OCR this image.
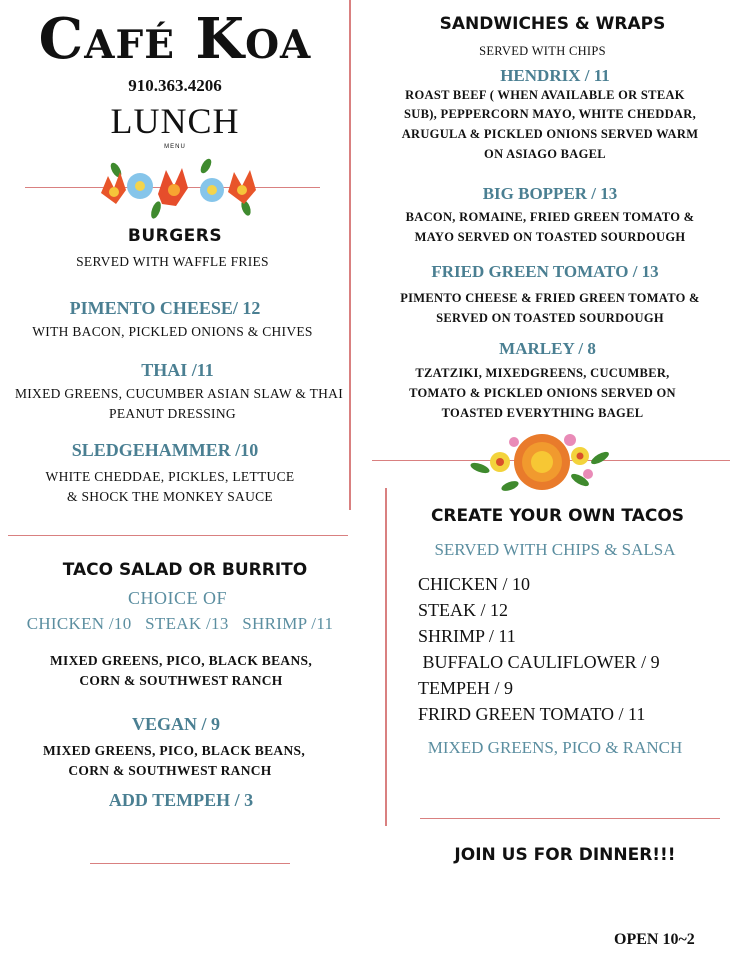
Café Koa
910.363.4206
LUNCH
MENU
BURGERS
SERVED WITH WAFFLE FRIES
PIMENTO CHEESE/ 12
WITH BACON, PICKLED ONIONS & CHIVES
THAI /11
MIXED GREENS, CUCUMBER ASIAN SLAW & THAI
PEANUT DRESSING
SLEDGEHAMMER /10
WHITE CHEDDAE, PICKLES, LETTUCE
& SHOCK THE MONKEY SAUCE
TACO SALAD OR BURRITO
CHOICE OF
CHICKEN /10   STEAK /13   SHRIMP /11
MIXED GREENS, PICO, BLACK BEANS,
CORN & SOUTHWEST RANCH
VEGAN / 9
MIXED GREENS, PICO, BLACK BEANS,
CORN & SOUTHWEST RANCH
ADD TEMPEH / 3
SANDWICHES & WRAPS
SERVED WITH CHIPS
HENDRIX / 11
ROAST BEEF ( WHEN AVAILABLE OR STEAK
SUB), PEPPERCORN MAYO, WHITE CHEDDAR,
ARUGULA & PICKLED ONIONS SERVED WARM
ON ASIAGO BAGEL
BIG BOPPER / 13
BACON, ROMAINE, FRIED GREEN TOMATO &
MAYO SERVED ON TOASTED SOURDOUGH
FRIED GREEN TOMATO / 13
PIMENTO CHEESE & FRIED GREEN TOMATO &
SERVED ON TOASTED SOURDOUGH
MARLEY / 8
TZATZIKI, MIXEDGREENS, CUCUMBER,
TOMATO & PICKLED ONIONS SERVED ON
TOASTED EVERYTHING BAGEL
CREATE YOUR OWN TACOS
SERVED WITH CHIPS & SALSA
CHICKEN / 10
STEAK / 12
SHRIMP / 11
BUFFALO CAULIFLOWER / 9
TEMPEH / 9
FRIRD GREEN TOMATO / 11
MIXED GREENS, PICO & RANCH
JOIN US FOR DINNER!!!
OPEN 10~2
